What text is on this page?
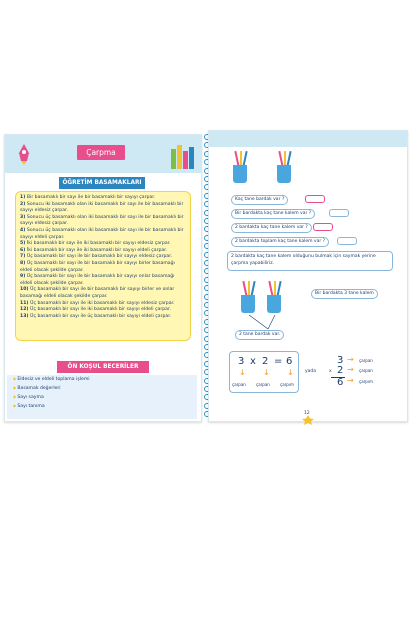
Çarpma
ÖĞRETİM BASAMAKLARI

1) Bir basamaklı bir sayı ile bir basamaklı bir sayıyı çarpar.

2) Sonucu iki basamaklı olan iki basamaklı bir sayı ile bir basamaklı bir sayıyı eldesiz çarpar.

3) Sonucu üç basamaklı olan iki basamaklı bir sayı ile bir basamaklı bir sayıyı eldesiz çarpar.

4) Sonucu üç basamaklı olan iki basamaklı bir sayı ile bir basamaklı bir sayıyı eldeli çarpar.

5) İki basamaklı bir sayı ile iki basamaklı bir sayıyı eldesiz çarpar.

6) İki basamaklı bir sayı ile iki basamaklı bir sayıyı eldeli çarpar.

7) Üç basamaklı bir sayı ile bir basamaklı bir sayıyı eldesiz çarpar.

8) Üç basamaklı bir sayı ile bir basamaklı bir sayıyı birler basamağı eldeli olacak şekilde çarpar.

9) Üç basamaklı bir sayı ile bir basamaklı bir sayıyı onlar basamağı eldeli olacak şekilde çarpar.

10) Üç basamaklı bir sayı ile bir basamaklı bir sayıyı birler ve onlar basamağı eldeli olacak şekilde çarpar.

11) Üç basamaklı bir sayı ile iki basamaklı bir sayıyı eldesiz çarpar.

12) Üç basamaklı bir sayı ile iki basamaklı bir sayıyı eldeli çarpar.

13) Üç basamaklı bir sayı ile üç basamaklı bir sayıyı eldeli çarpar.

ÖN KOŞUL BECERİLER
◆ Eldesiz ve eldeli toplama işlemi
◆ Basamak değerleri
◆ Sayı sayma
◆ Sayı tanıma
Kaç tane bardak var ?
Bir bardakta kaç tane kalem var ?
2 bardakta kaç tane kalem var ?
2 bardakta toplam kaç tane kalem var ?
2 bardakta kaç tane kalem olduğunu bulmak için saymak yerine çarpma yapabiliriz.
Bir bardakta 3 tane kalem
2 tane bardak var.
3 x 2 = 6
↓ ↓ ↓
çarpan	çarpan	çarpım
yada
3
x 2
6
→
→
→
çarpan
çarpan
çarpım
12
